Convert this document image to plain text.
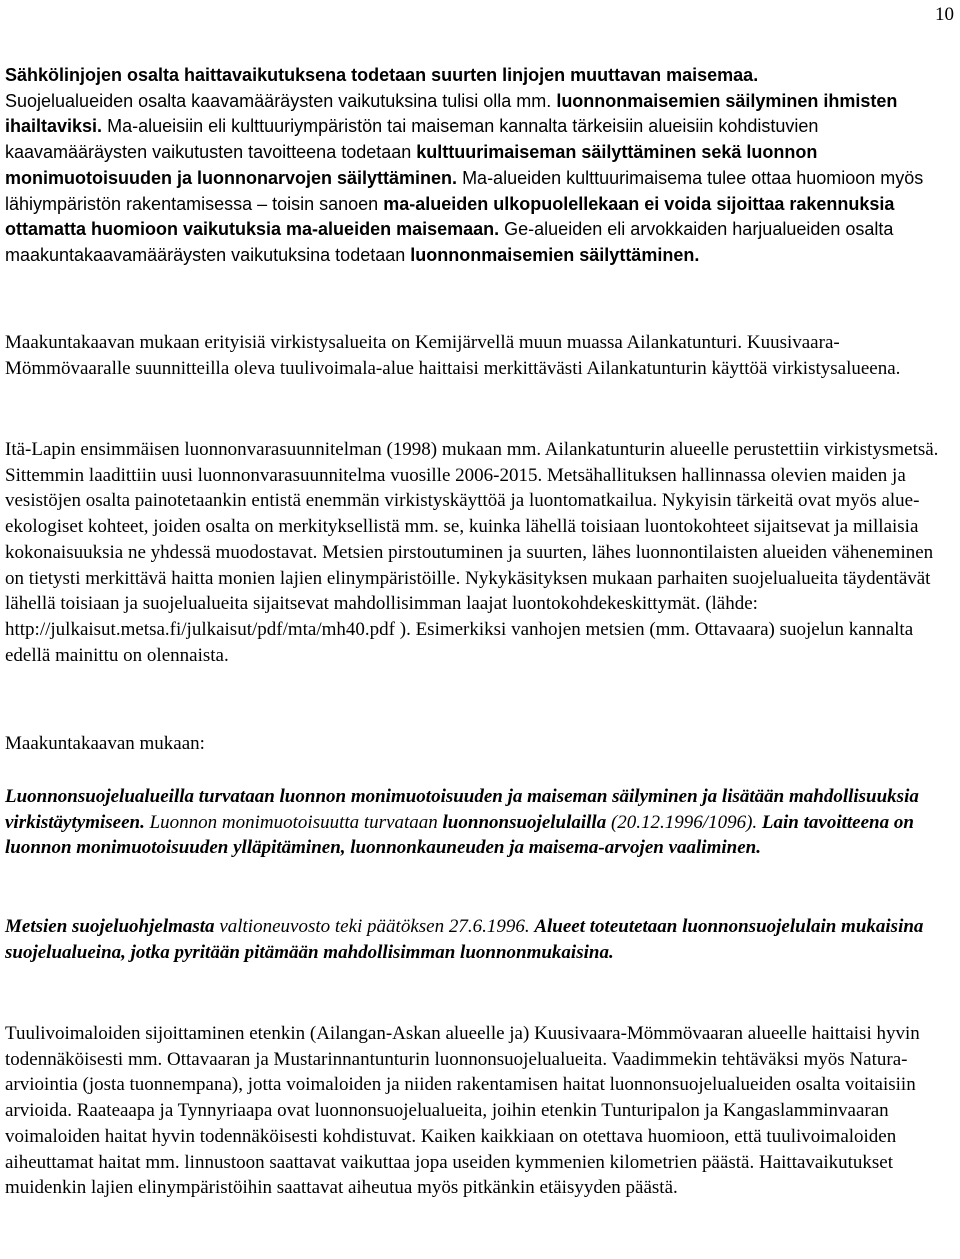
10

Sähkölinjojen osalta haittavaikutuksena todetaan suurten linjojen muuttavan maisemaa.
Suojelualueiden osalta kaavamääräysten vaikutuksina tulisi olla mm. luonnonmaisemien säilyminen ihmisten ihailtaviksi. Ma-alueisiin eli kulttuuriympäristön tai maiseman kannalta tärkeisiin alueisiin kohdistuvien kaavamääräysten vaikutusten tavoitteena todetaan kulttuurimaiseman säilyttäminen sekä luonnon monimuotoisuuden ja luonnonarvojen säilyttäminen. Ma-alueiden kulttuurimaisema tulee ottaa huomioon myös lähiympäristön rakentamisessa – toisin sanoen ma-alueiden ulkopuolellekaan ei voida sijoittaa rakennuksia ottamatta huomioon vaikutuksia ma-alueiden maisemaan. Ge-alueiden eli arvokkaiden harjualueiden osalta maakuntakaavamääräysten vaikutuksina todetaan luonnonmaisemien säilyttäminen.

Maakuntakaavan mukaan erityisiä virkistysalueita on Kemijärvellä muun muassa Ailankatunturi. Kuusivaara-Mömmövaaralle suunnitteilla oleva tuulivoimala-alue haittaisi merkittävästi Ailankatunturin käyttöä virkistysalueena.

Itä-Lapin ensimmäisen luonnonvarasuunnitelman (1998) mukaan mm. Ailankatunturin alueelle perustettiin virkistysmetsä. Sittemmin laadittiin uusi luonnonvarasuunnitelma vuosille 2006-2015. Metsähallituksen hallinnassa olevien maiden ja vesistöjen osalta painotetaankin entistä enemmän virkistyskäyttöä ja luontomatkailua. Nykyisin tärkeitä ovat myös alue-ekologiset kohteet, joiden osalta on merkityksellistä mm. se, kuinka lähellä toisiaan luontokohteet sijaitsevat ja millaisia kokonaisuuksia ne yhdessä muodostavat. Metsien pirstoutuminen ja suurten, lähes luonnontilaisten alueiden väheneminen on tietysti merkittävä haitta monien lajien elinympäristöille. Nykykäsityksen mukaan parhaiten suojelualueita täydentävät lähellä toisiaan ja suojelualueita sijaitsevat mahdollisimman laajat luontokohdekeskittymät. (lähde: http://julkaisut.metsa.fi/julkaisut/pdf/mta/mh40.pdf ). Esimerkiksi vanhojen metsien (mm. Ottavaara) suojelun kannalta edellä mainittu on olennaista.

Maakuntakaavan mukaan:

Luonnonsuojelualueilla turvataan luonnon monimuotoisuuden ja maiseman säilyminen ja lisätään mahdollisuuksia virkistäytymiseen. Luonnon monimuotoisuutta turvataan luonnonsuojelulailla (20.12.1996/1096). Lain tavoitteena on luonnon monimuotoisuuden ylläpitäminen, luonnonkauneuden ja maisema-arvojen vaaliminen.

Metsien suojeluohjelmasta valtioneuvosto teki päätöksen 27.6.1996. Alueet toteutetaan luonnonsuojelulain mukaisina suojelualueina, jotka pyritään pitämään mahdollisimman luonnonmukaisina.

Tuulivoimaloiden sijoittaminen etenkin (Ailangan-Askan alueelle ja) Kuusivaara-Mömmövaaran alueelle haittaisi hyvin todennäköisesti mm. Ottavaaran ja Mustarinnantunturin luonnonsuojelualueita. Vaadimmekin tehtäväksi myös Natura-arviointia (josta tuonnempana), jotta voimaloiden ja niiden rakentamisen haitat luonnonsuojelualueiden osalta voitaisiin arvioida. Raateaapa ja Tynnyriaapa ovat luonnonsuojelualueita, joihin etenkin Tunturipalon ja Kangaslamminvaaran voimaloiden haitat hyvin todennäköisesti kohdistuvat. Kaiken kaikkiaan on otettava huomioon, että tuulivoimaloiden aiheuttamat haitat mm. linnustoon saattavat vaikuttaa jopa useiden kymmenien kilometrien päästä. Haittavaikutukset muidenkin lajien elinympäristöihin saattavat aiheutua myös pitkänkin etäisyyden päästä.
